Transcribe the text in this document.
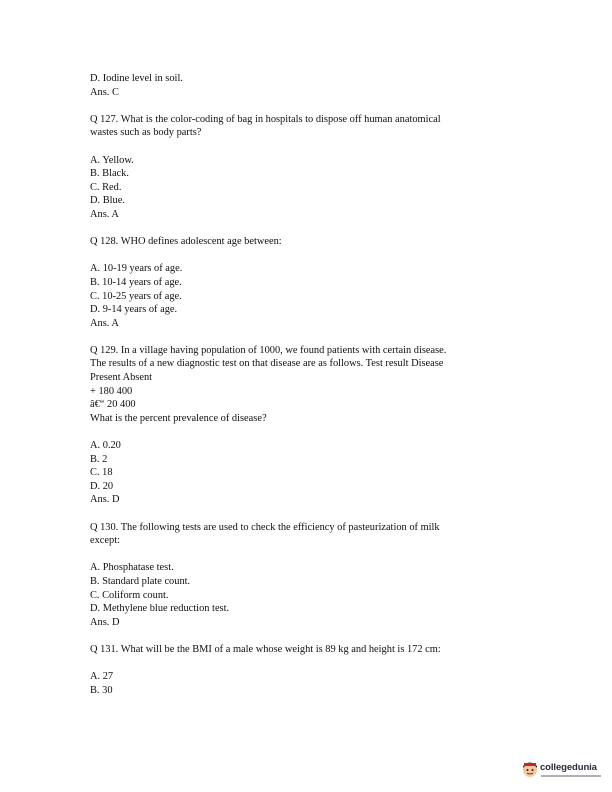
D. Iodine level in soil.
Ans. C
Q 127. What is the color-coding of bag in hospitals to dispose off human anatomical
wastes such as body parts?
A. Yellow.
B. Black.
C. Red.
D. Blue.
Ans. A
Q 128. WHO defines adolescent age between:
A. 10-19 years of age.
B. 10-14 years of age.
C. 10-25 years of age.
D. 9-14 years of age.
Ans. A
Q 129. In a village having population of 1000, we found patients with certain disease.
The results of a new diagnostic test on that disease are as follows. Test result Disease
Present Absent
+ 180 400
â€“ 20 400
What is the percent prevalence of disease?
A. 0.20
B. 2
C. 18
D. 20
Ans. D
Q 130. The following tests are used to check the efficiency of pasteurization of milk
except:
A. Phosphatase test.
B. Standard plate count.
C. Coliform count.
D. Methylene blue reduction test.
Ans. D
Q 131. What will be the BMI of a male whose weight is 89 kg and height is 172 cm:
A. 27
B. 30
collegedunia
